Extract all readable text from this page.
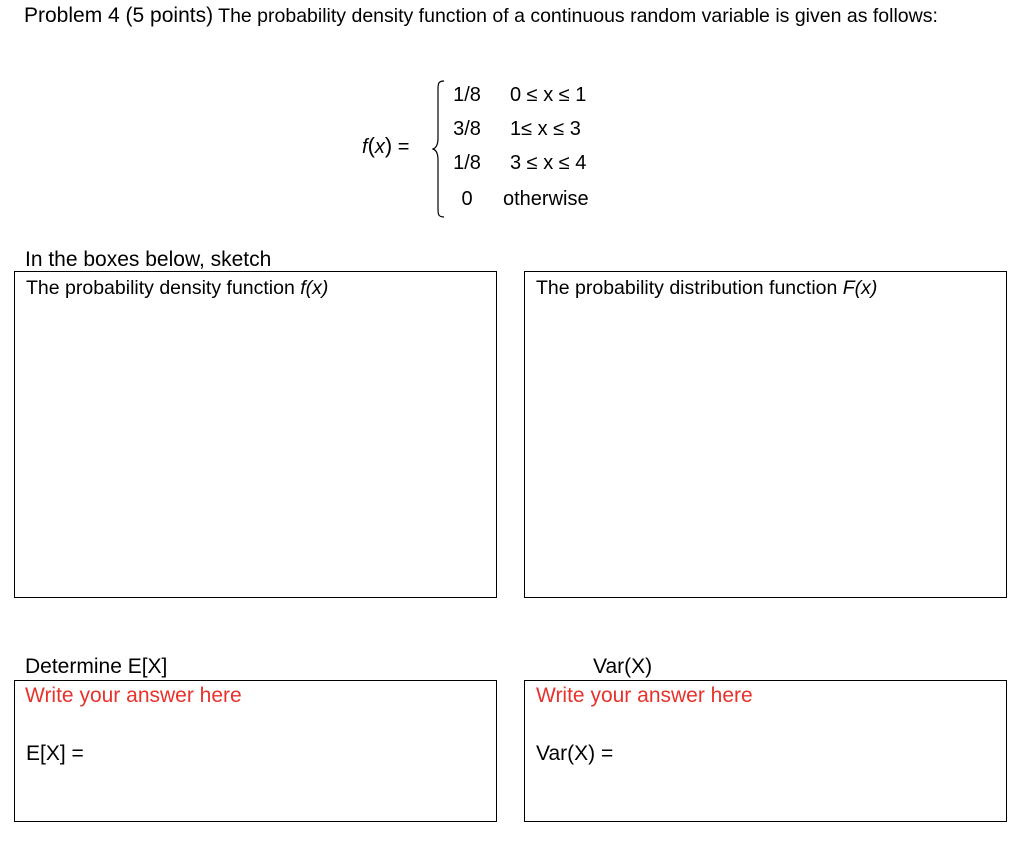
Problem 4 (5 points) The probability density function of a continuous random variable is given as follows:
f(x) =
1/8	0 ≤ x ≤ 1
3/8	1≤ x ≤ 3
1/8	3 ≤ x ≤ 4
0	otherwise
In the boxes below, sketch
The probability density function f(x)	The probability distribution function F(x)
Determine E[X]
Write your answer here
E[X] =
Var(X)
Write your answer here
Var(X) =
